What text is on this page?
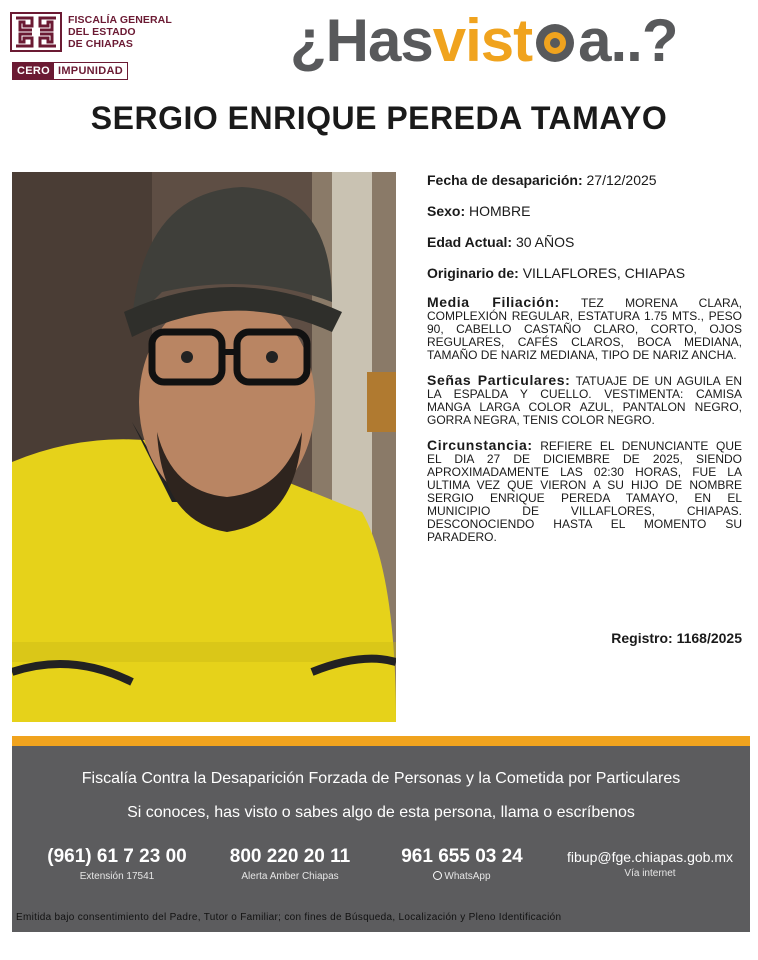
FISCALÍA GENERAL
DEL ESTADO
DE CHIAPAS
CERO IMPUNIDAD	¿Hasvist a..?
SERGIO ENRIQUE PEREDA TAMAYO
Fecha de desaparición: 27/12/2025
Sexo: HOMBRE
Edad Actual: 30 AÑOS
Originario de: VILLAFLORES, CHIAPAS
Media Filiación: TEZ MORENA CLARA, COMPLEXIÓN REGULAR, ESTATURA 1.75 MTS., PESO 90, CABELLO CASTAÑO CLARO, CORTO, OJOS REGULARES, CAFÉS CLAROS, BOCA MEDIANA, TAMAÑO DE NARIZ MEDIANA, TIPO DE NARIZ ANCHA.
Señas Particulares: TATUAJE DE UN AGUILA EN LA ESPALDA Y CUELLO. VESTIMENTA: CAMISA MANGA LARGA COLOR AZUL, PANTALON NEGRO, GORRA NEGRA, TENIS COLOR NEGRO.
Circunstancia: REFIERE EL DENUNCIANTE QUE EL DIA 27 DE DICIEMBRE DE 2025, SIENDO APROXIMADAMENTE LAS 02:30 HORAS, FUE LA ULTIMA VEZ QUE VIERON A SU HIJO DE NOMBRE SERGIO ENRIQUE PEREDA TAMAYO, EN EL MUNICIPIO DE VILLAFLORES, CHIAPAS. DESCONOCIENDO HASTA EL MOMENTO SU PARADERO.
Registro: 1168/2025
Fiscalía Contra la Desaparición Forzada de Personas y la Cometida por Particulares
Si conoces, has visto o sabes algo de esta persona, llama o escríbenos
(961) 61 7 23 00
Extensión 17541
800 220 20 11
Alerta Amber Chiapas
961 655 03 24
WhatsApp
fibup@fge.chiapas.gob.mx
Vía internet
Emitida bajo consentimiento del Padre, Tutor o Familiar; con fines de Búsqueda, Localización y Pleno Identificación
